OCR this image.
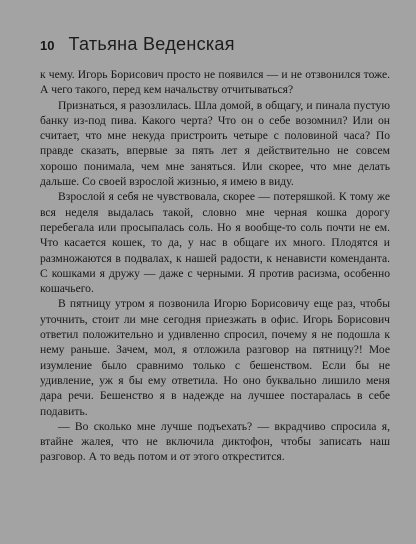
10 Татьяна Веденская

к чему. Игорь Борисович просто не появился — и не отзвонился тоже. А чего такого, перед кем начальству отчитываться?

Признаться, я разозлилась. Шла домой, в общагу, и пинала пустую банку из-под пива. Какого черта? Что он о себе возомнил? Или он считает, что мне некуда пристроить четыре с половиной часа? По правде сказать, впервые за пять лет я действительно не совсем хорошо понимала, чем мне заняться. Или скорее, что мне делать дальше. Со своей взрослой жизнью, я имею в виду.

Взрослой я себя не чувствовала, скорее — потеряшкой. К тому же вся неделя выдалась такой, словно мне черная кошка дорогу перебегала или просыпалась соль. Но я вообще-то соль почти не ем. Что касается кошек, то да, у нас в общаге их много. Плодятся и размножаются в подвалах, к нашей радости, к ненависти коменданта. С кошками я дружу — даже с черными. Я против расизма, особенно кошачьего.

В пятницу утром я позвонила Игорю Борисовичу еще раз, чтобы уточнить, стоит ли мне сегодня приезжать в офис. Игорь Борисович ответил положительно и удивленно спросил, почему я не подошла к нему раньше. Зачем, мол, я отложила разговор на пятницу?! Мое изумление было сравнимо только с бешенством. Если бы не удивление, уж я бы ему ответила. Но оно буквально лишило меня дара речи. Бешенство я в надежде на лучшее постаралась в себе подавить.

— Во сколько мне лучше подъехать? — вкрадчиво спросила я, втайне жалея, что не включила диктофон, чтобы записать наш разговор. А то ведь потом и от этого открестится.
